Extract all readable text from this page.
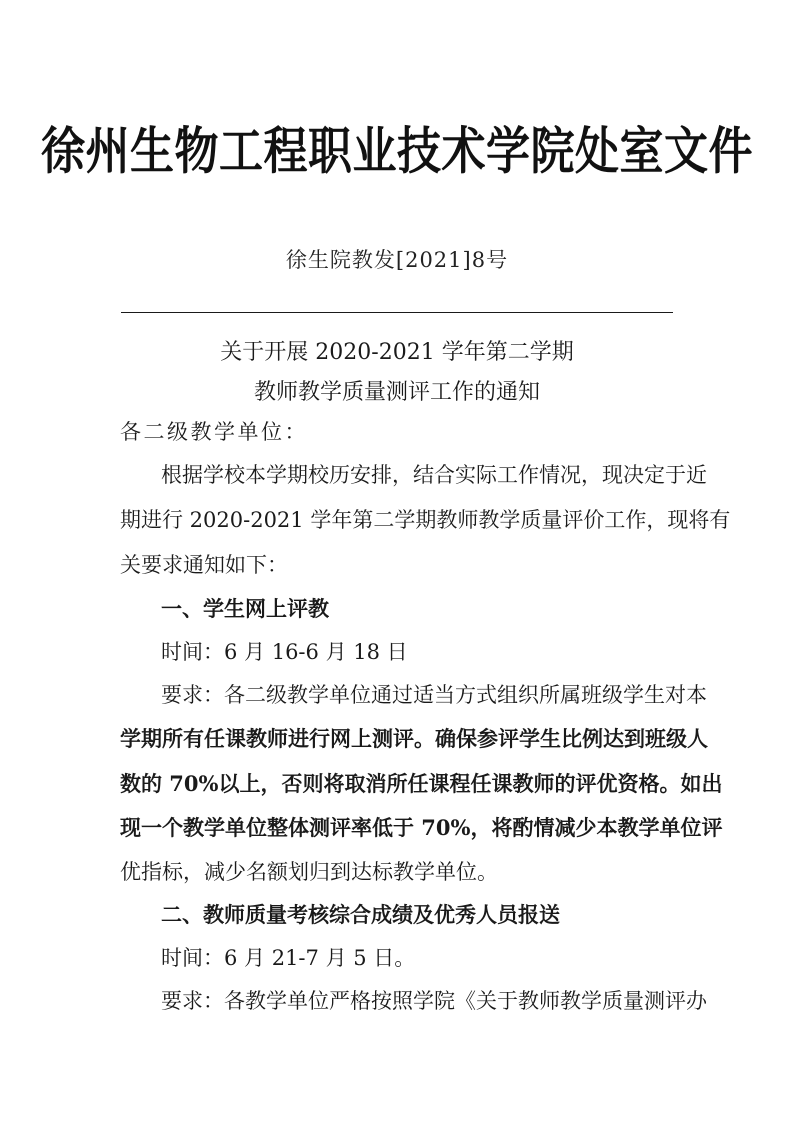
徐州生物工程职业技术学院处室文件
徐生院教发[2021]8号
关于开展 2020-2021 学年第二学期
教师教学质量测评工作的通知
各二级教学单位：
根据学校本学期校历安排，结合实际工作情况，现决定于近
期进行 2020-2021 学年第二学期教师教学质量评价工作，现将有
关要求通知如下：
一、学生网上评教
时间：6 月 16-6 月 18 日
要求：各二级教学单位通过适当方式组织所属班级学生对本
学期所有任课教师进行网上测评。确保参评学生比例达到班级人
数的 70%以上，否则将取消所任课程任课教师的评优资格。如出
现一个教学单位整体测评率低于 70%，将酌情减少本教学单位评
优指标，减少名额划归到达标教学单位。
二、教师质量考核综合成绩及优秀人员报送
时间：6 月 21-7 月 5 日。
要求：各教学单位严格按照学院《关于教师教学质量测评办
